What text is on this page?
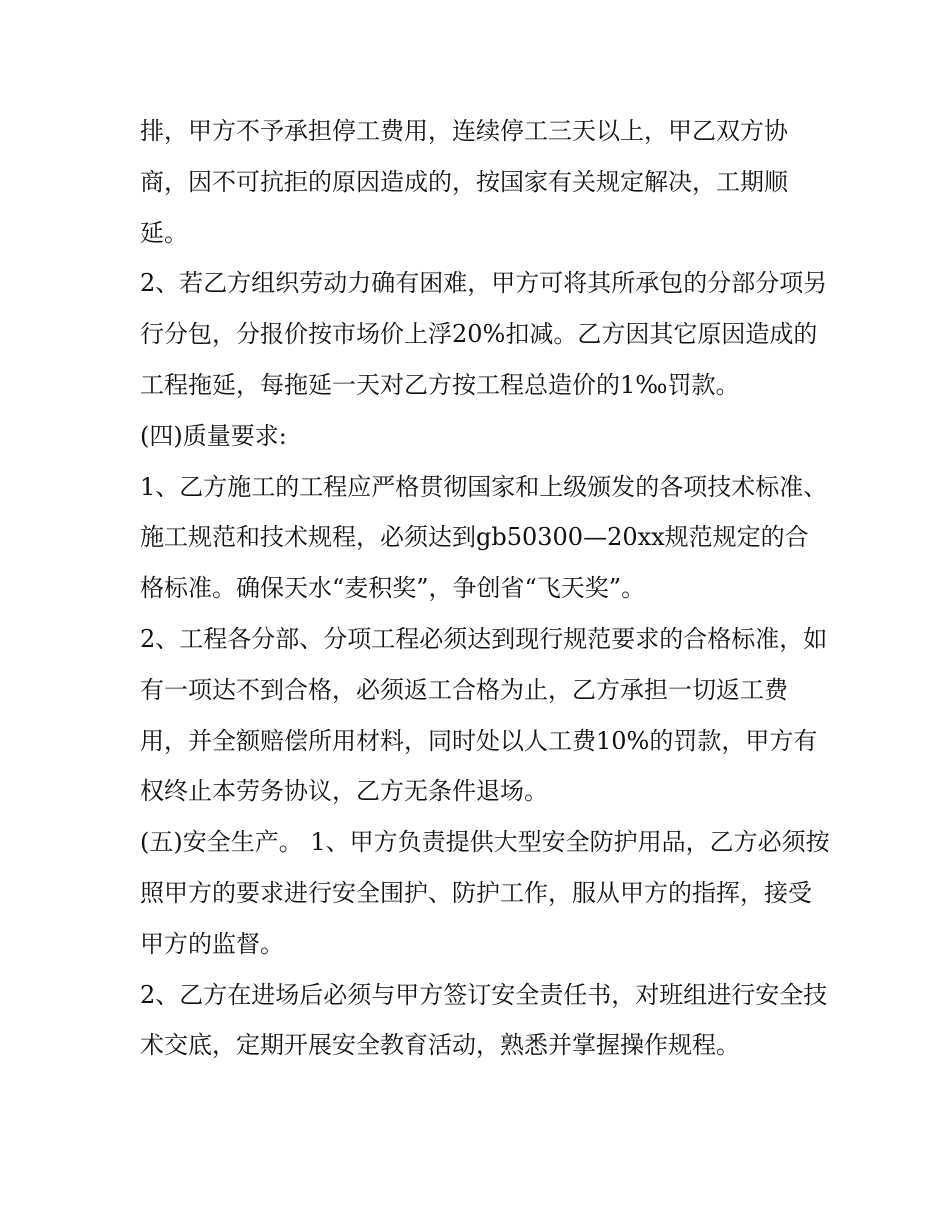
排，甲方不予承担停工费用，连续停工三天以上，甲乙双方协商，因不可抗拒的原因造成的，按国家有关规定解决，工期顺延。

2、若乙方组织劳动力确有困难，甲方可将其所承包的分部分项另行分包，分报价按市场价上浮20%扣减。乙方因其它原因造成的工程拖延，每拖延一天对乙方按工程总造价的1‰罚款。

(四)质量要求:

1、乙方施工的工程应严格贯彻国家和上级颁发的各项技术标准、施工规范和技术规程，必须达到gb50300—20xx规范规定的合格标准。确保天水“麦积奖”，争创省“飞天奖”。

2、工程各分部、分项工程必须达到现行规范要求的合格标准，如有一项达不到合格，必须返工合格为止，乙方承担一切返工费用，并全额赔偿所用材料，同时处以人工费10%的罚款，甲方有权终止本劳务协议，乙方无条件退场。

(五)安全生产。 1、甲方负责提供大型安全防护用品，乙方必须按照甲方的要求进行安全围护、防护工作，服从甲方的指挥，接受甲方的监督。

2、乙方在进场后必须与甲方签订安全责任书，对班组进行安全技术交底，定期开展安全教育活动，熟悉并掌握操作规程。
